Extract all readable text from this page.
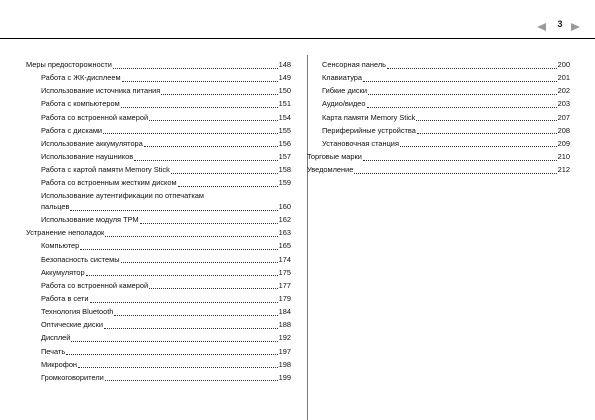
3
Меры предосторожности	148
Работа с ЖК-дисплеем	149
Использование источника питания	150
Работа с компьютером	151
Работа со встроенной камерой	154
Работа с дисками	155
Использование аккумулятора	156
Использование наушников	157
Работа с картой памяти Memory Stick	158
Работа со встроенным жестким диском	159
Использование аутентификации по отпечаткам
пальцев	160
Использование модуля TPM	162
Устранение неполадок	163
Компьютер	165
Безопасность системы	174
Аккумулятор	175
Работа со встроенной камерой	177
Работа в сети	179
Технология Bluetooth	184
Оптические диски	188
Дисплей	192
Печать	197
Микрофон	198
Громкоговорители	199
Сенсорная панель	200
Клавиатура	201
Гибкие диски	202
Аудио/видео	203
Карта памяти Memory Stick	207
Периферийные устройства	208
Установочная станция	209
Торговые марки	210
Уведомление	212
